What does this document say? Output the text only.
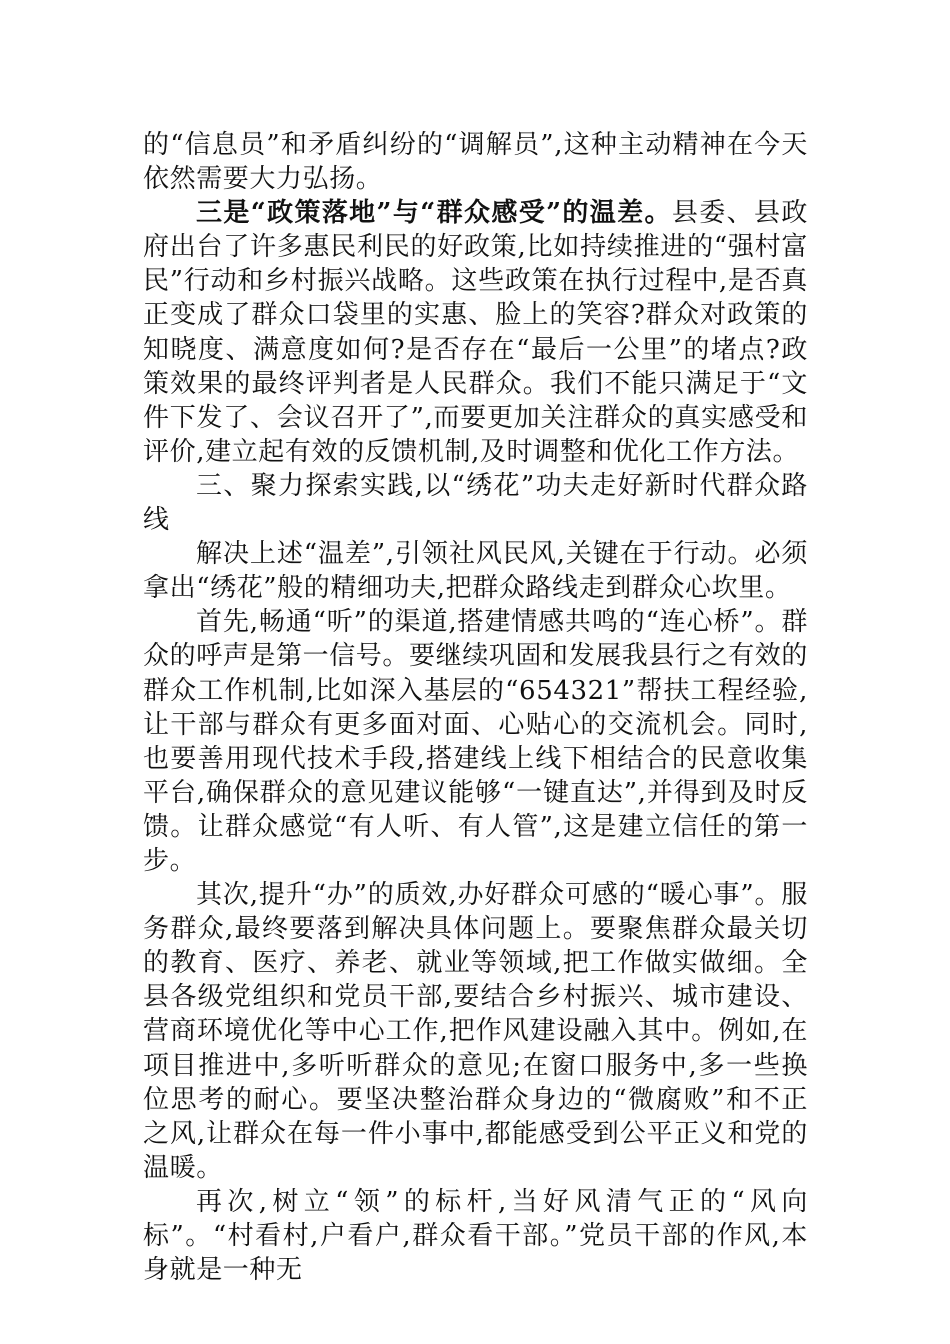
的“信息员”和矛盾纠纷的“调解员”,这种主动精神在今天依然需要大力弘扬。

三是“政策落地”与“群众感受”的温差。县委、县政府出台了许多惠民利民的好政策,比如持续推进的“强村富民”行动和乡村振兴战略。这些政策在执行过程中,是否真正变成了群众口袋里的实惠、脸上的笑容?群众对政策的知晓度、满意度如何?是否存在“最后一公里”的堵点?政策效果的最终评判者是人民群众。我们不能只满足于“文件下发了、会议召开了”,而要更加关注群众的真实感受和评价,建立起有效的反馈机制,及时调整和优化工作方法。

三、聚力探索实践,以“绣花”功夫走好新时代群众路线

解决上述“温差”,引领社风民风,关键在于行动。必须拿出“绣花”般的精细功夫,把群众路线走到群众心坎里。

首先,畅通“听”的渠道,搭建情感共鸣的“连心桥”。群众的呼声是第一信号。要继续巩固和发展我县行之有效的群众工作机制,比如深入基层的“654321”帮扶工程经验,让干部与群众有更多面对面、心贴心的交流机会。同时,也要善用现代技术手段,搭建线上线下相结合的民意收集平台,确保群众的意见建议能够“一键直达”,并得到及时反馈。让群众感觉“有人听、有人管”,这是建立信任的第一步。

其次,提升“办”的质效,办好群众可感的“暖心事”。服务群众,最终要落到解决具体问题上。要聚焦群众最关切的教育、医疗、养老、就业等领域,把工作做实做细。全县各级党组织和党员干部,要结合乡村振兴、城市建设、营商环境优化等中心工作,把作风建设融入其中。例如,在项目推进中,多听听群众的意见;在窗口服务中,多一些换位思考的耐心。要坚决整治群众身边的“微腐败”和不正之风,让群众在每一件小事中,都能感受到公平正义和党的温暖。

再次,树立“领”的标杆,当好风清气正的“风向标”。“村看村,户看户,群众看干部。”党员干部的作风,本身就是一种无
